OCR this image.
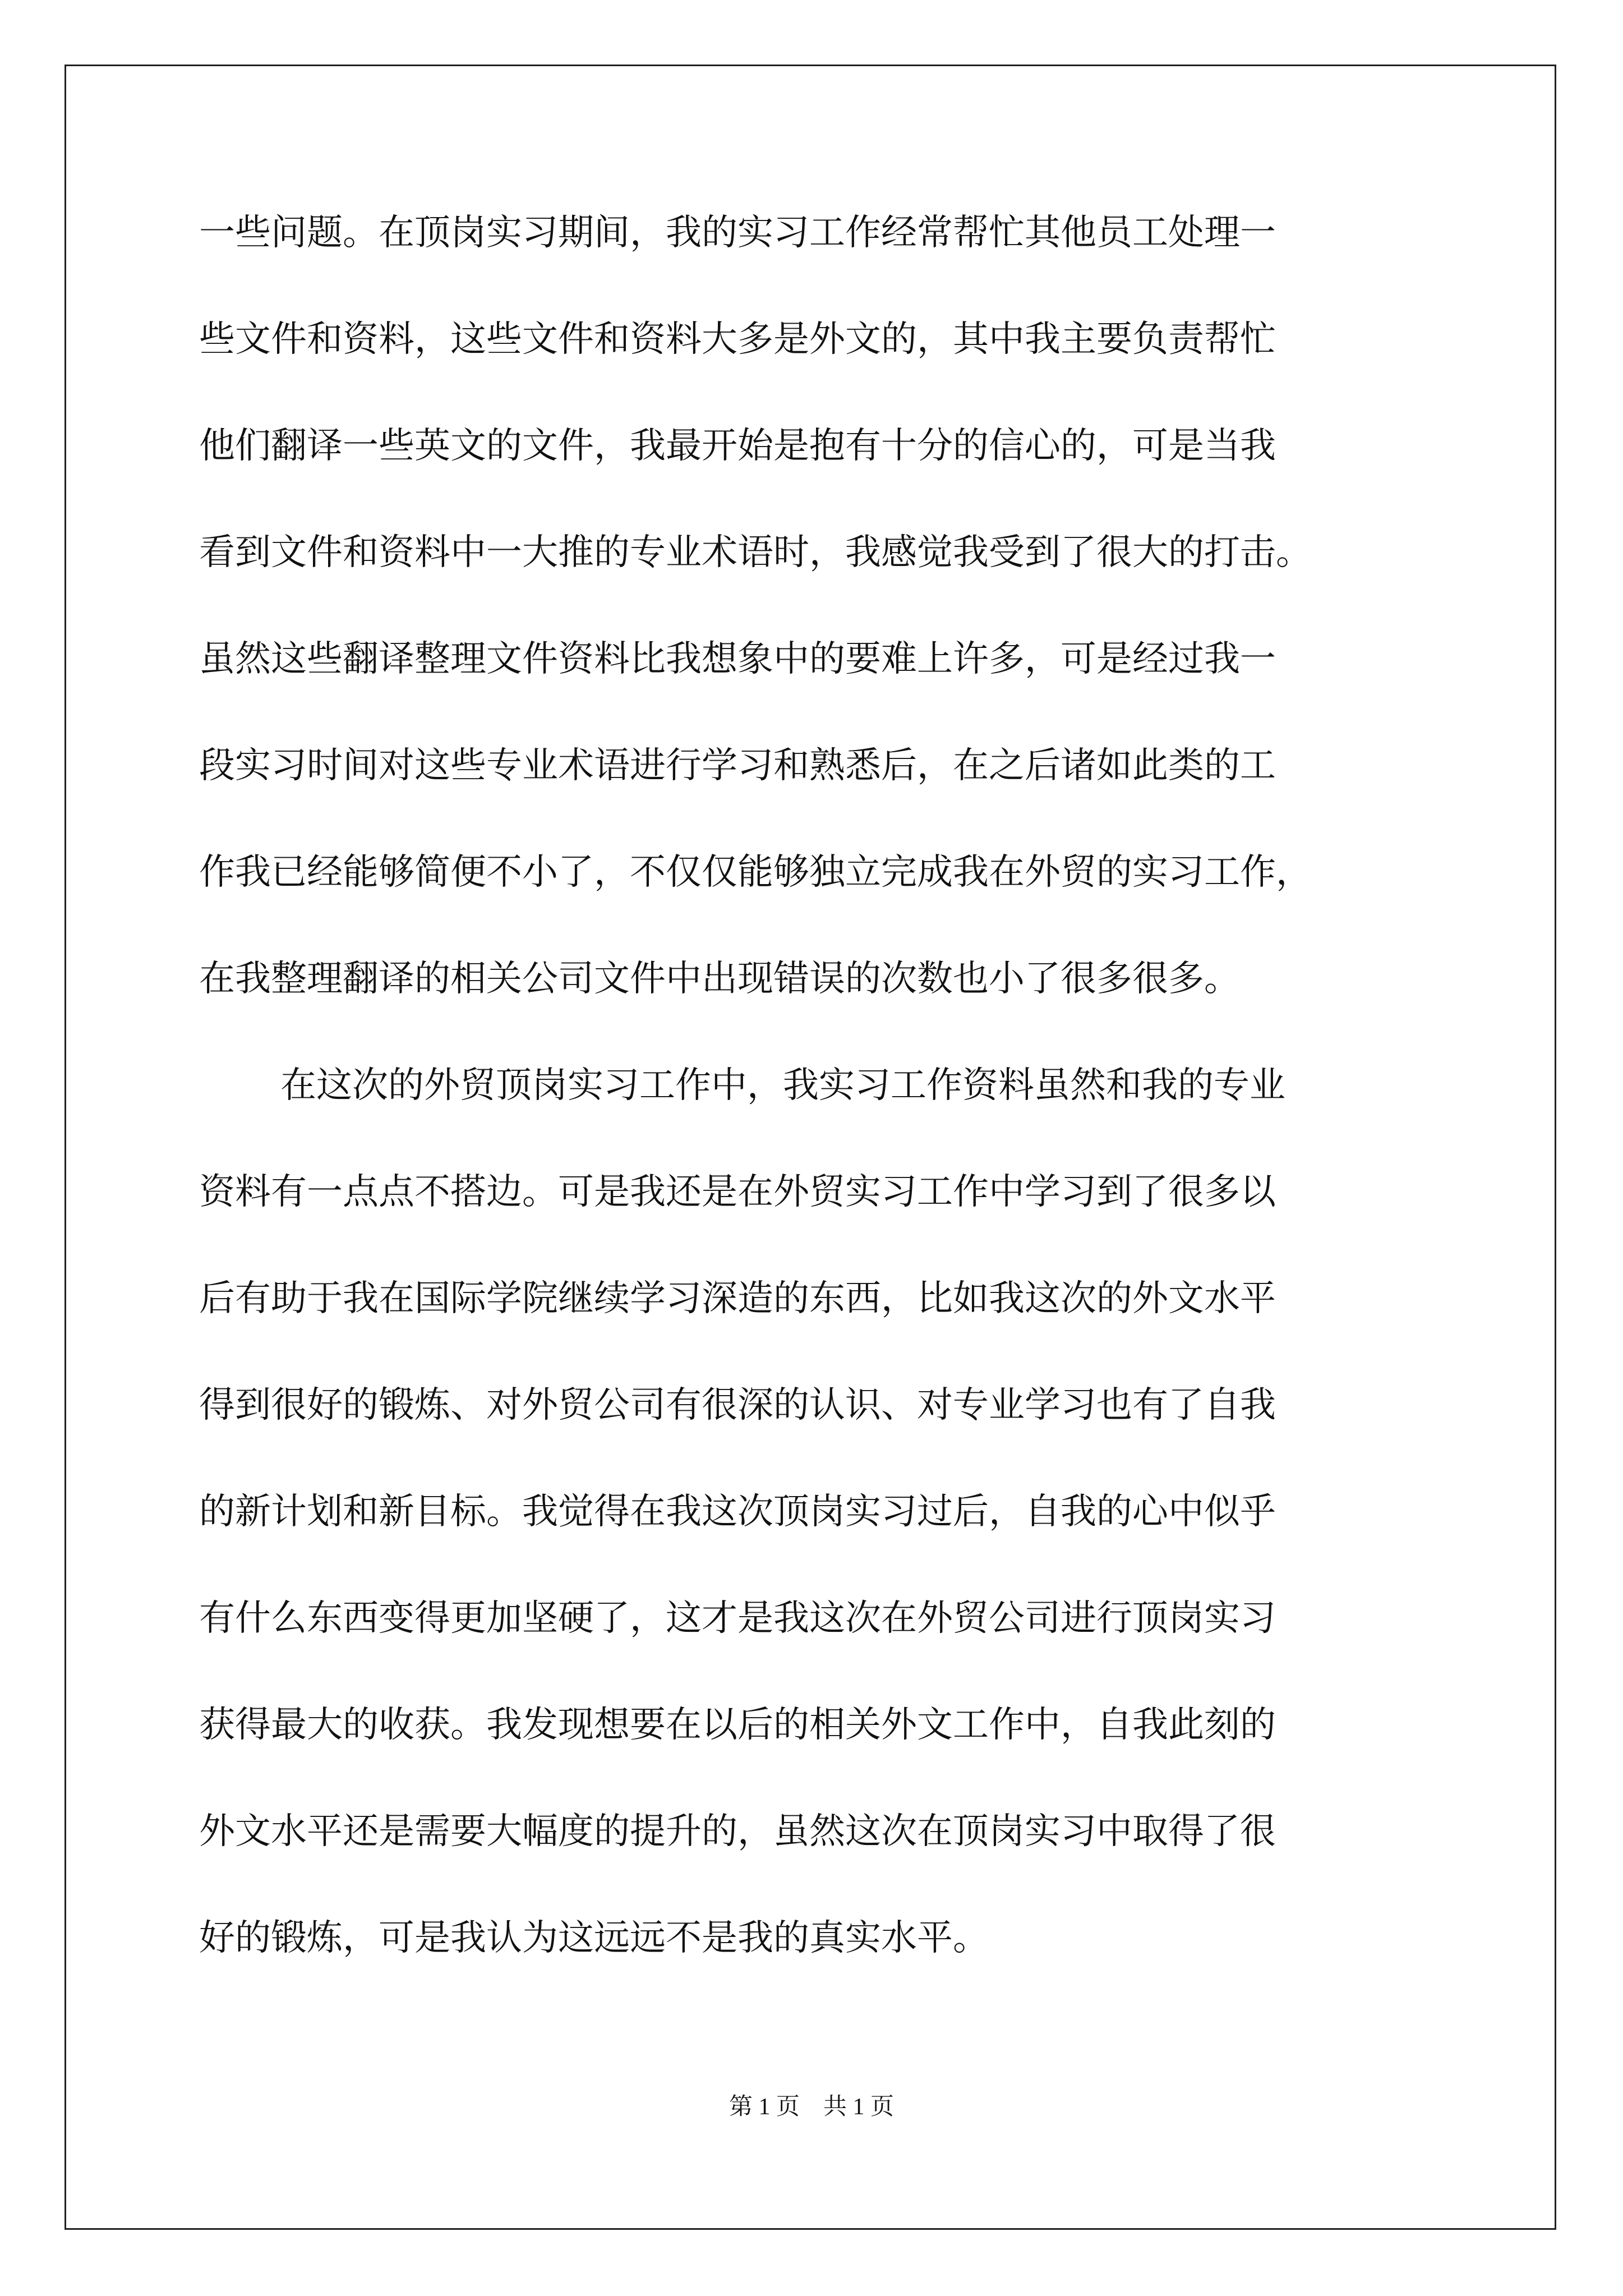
一些问题。在顶岗实习期间，我的实习工作经常帮忙其他员工处理一
些文件和资料，这些文件和资料大多是外文的，其中我主要负责帮忙
他们翻译一些英文的文件，我最开始是抱有十分的信心的，可是当我
看到文件和资料中一大推的专业术语时，我感觉我受到了很大的打击。
虽然这些翻译整理文件资料比我想象中的要难上许多，可是经过我一
段实习时间对这些专业术语进行学习和熟悉后，在之后诸如此类的工
作我已经能够简便不小了，不仅仅能够独立完成我在外贸的实习工作，
在我整理翻译的相关公司文件中出现错误的次数也小了很多很多。
在这次的外贸顶岗实习工作中，我实习工作资料虽然和我的专业
资料有一点点不搭边。可是我还是在外贸实习工作中学习到了很多以
后有助于我在国际学院继续学习深造的东西，比如我这次的外文水平
得到很好的锻炼、对外贸公司有很深的认识、对专业学习也有了自我
的新计划和新目标。我觉得在我这次顶岗实习过后，自我的心中似乎
有什么东西变得更加坚硬了，这才是我这次在外贸公司进行顶岗实习
获得最大的收获。我发现想要在以后的相关外文工作中，自我此刻的
外文水平还是需要大幅度的提升的，虽然这次在顶岗实习中取得了很
好的锻炼，可是我认为这远远不是我的真实水平。
第 1 页　共 1 页
